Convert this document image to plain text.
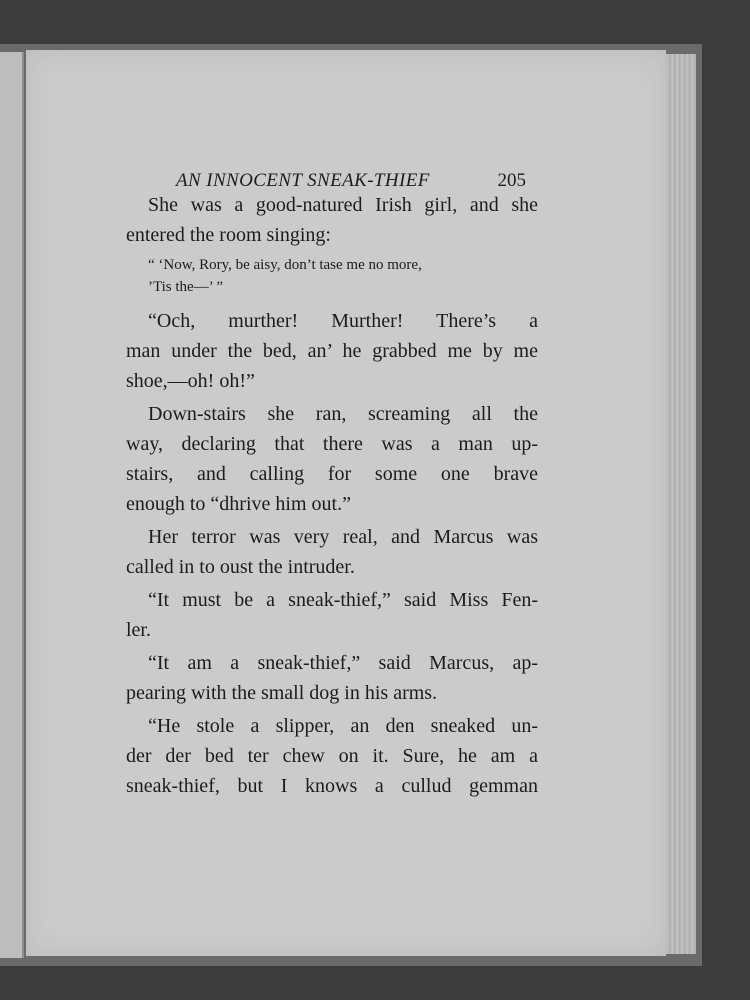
AN INNOCENT SNEAK-THIEF	205

She was a good-natured Irish girl, and she
entered the room singing:

“ ‘Now, Rory, be aisy, don’t tase me no more,
’Tis the—’ ”

“Och, murther! Murther! There’s a
man under the bed, an’ he grabbed me by me
shoe,—oh! oh!”

Down-stairs she ran, screaming all the
way, declaring that there was a man up-
stairs, and calling for some one brave
enough to “dhrive him out.”

Her terror was very real, and Marcus was
called in to oust the intruder.

“It must be a sneak-thief,” said Miss Fen-
ler.

“It am a sneak-thief,” said Marcus, ap-
pearing with the small dog in his arms.

“He stole a slipper, an den sneaked un-
der der bed ter chew on it. Sure, he am a
sneak-thief, but I knows a cullud gemman
